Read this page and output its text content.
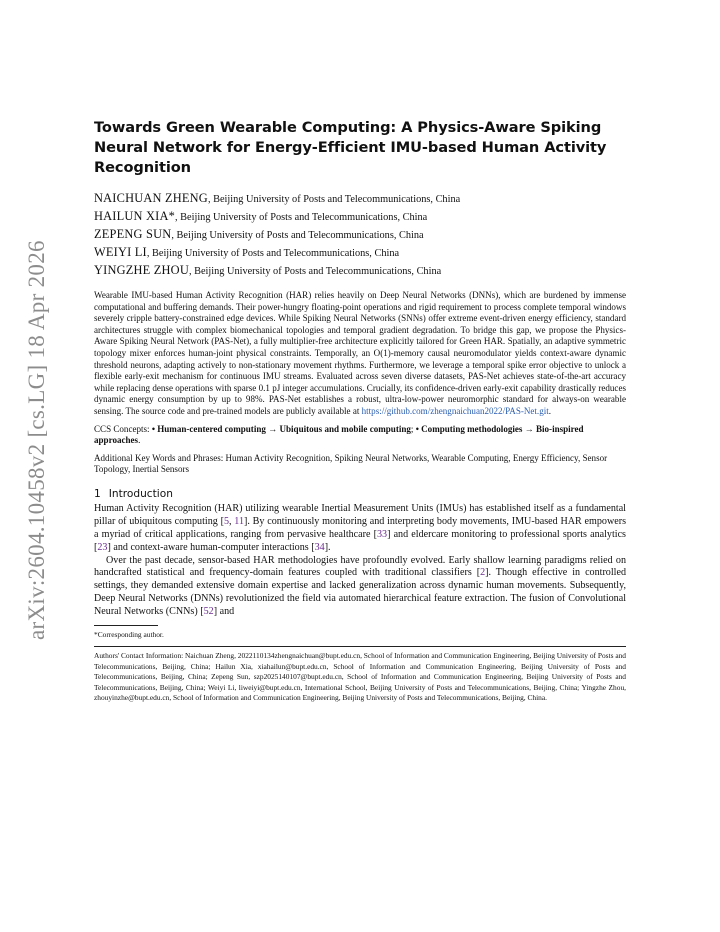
arXiv:2604.10458v2 [cs.LG] 18 Apr 2026
Towards Green Wearable Computing: A Physics-Aware Spiking Neural Network for Energy-Efficient IMU-based Human Activity Recognition
NAICHUAN ZHENG, Beijing University of Posts and Telecommunications, China
HAILUN XIA*, Beijing University of Posts and Telecommunications, China
ZEPENG SUN, Beijing University of Posts and Telecommunications, China
WEIYI LI, Beijing University of Posts and Telecommunications, China
YINGZHE ZHOU, Beijing University of Posts and Telecommunications, China

Wearable IMU-based Human Activity Recognition (HAR) relies heavily on Deep Neural Networks (DNNs), which are burdened by immense computational and buffering demands. Their power-hungry floating-point operations and rigid requirement to process complete temporal windows severely cripple battery-constrained edge devices. While Spiking Neural Networks (SNNs) offer extreme event-driven energy efficiency, standard architectures struggle with complex biomechanical topologies and temporal gradient degradation. To bridge this gap, we propose the Physics-Aware Spiking Neural Network (PAS-Net), a fully multiplier-free architecture explicitly tailored for Green HAR. Spatially, an adaptive symmetric topology mixer enforces human-joint physical constraints. Temporally, an O(1)-memory causal neuromodulator yields context-aware dynamic threshold neurons, adapting actively to non-stationary movement rhythms. Furthermore, we leverage a temporal spike error objective to unlock a flexible early-exit mechanism for continuous IMU streams. Evaluated across seven diverse datasets, PAS-Net achieves state-of-the-art accuracy while replacing dense operations with sparse 0.1 pJ integer accumulations. Crucially, its confidence-driven early-exit capability drastically reduces dynamic energy consumption by up to 98%. PAS-Net establishes a robust, ultra-low-power neuromorphic standard for always-on wearable sensing. The source code and pre-trained models are publicly available at https://github.com/zhengnaichuan2022/PAS-Net.git.

CCS Concepts: • Human-centered computing → Ubiquitous and mobile computing; • Computing methodologies → Bio-inspired approaches.

Additional Key Words and Phrases: Human Activity Recognition, Spiking Neural Networks, Wearable Computing, Energy Efficiency, Sensor Topology, Inertial Sensors

1 Introduction

Human Activity Recognition (HAR) utilizing wearable Inertial Measurement Units (IMUs) has established itself as a fundamental pillar of ubiquitous computing [5, 11]. By continuously monitoring and interpreting body movements, IMU-based HAR empowers a myriad of critical applications, ranging from pervasive healthcare [33] and eldercare monitoring to professional sports analytics [23] and context-aware human-computer interactions [34].

Over the past decade, sensor-based HAR methodologies have profoundly evolved. Early shallow learning paradigms relied on handcrafted statistical and frequency-domain features coupled with traditional classifiers [2]. Though effective in controlled settings, they demanded extensive domain expertise and lacked generalization across dynamic human movements. Subsequently, Deep Neural Networks (DNNs) revolutionized the field via automated hierarchical feature extraction. The fusion of Convolutional Neural Networks (CNNs) [52] and

*Corresponding author.

Authors' Contact Information: Naichuan Zheng, 2022110134zhengnaichuan@bupt.edu.cn, School of Information and Communication Engineering, Beijing University of Posts and Telecommunications, Beijing, China; Hailun Xia, xiahailun@bupt.edu.cn, School of Information and Communication Engineering, Beijing University of Posts and Telecommunications, Beijing, China; Zepeng Sun, szp2025140107@bupt.edu.cn, School of Information and Communication Engineering, Beijing University of Posts and Telecommunications, Beijing, China; Weiyi Li, liweiyi@bupt.edu.cn, International School, Beijing University of Posts and Telecommunications, Beijing, China; Yingzhe Zhou, zhouyinzhe@bupt.edu.cn, School of Information and Communication Engineering, Beijing University of Posts and Telecommunications, Beijing, China.
